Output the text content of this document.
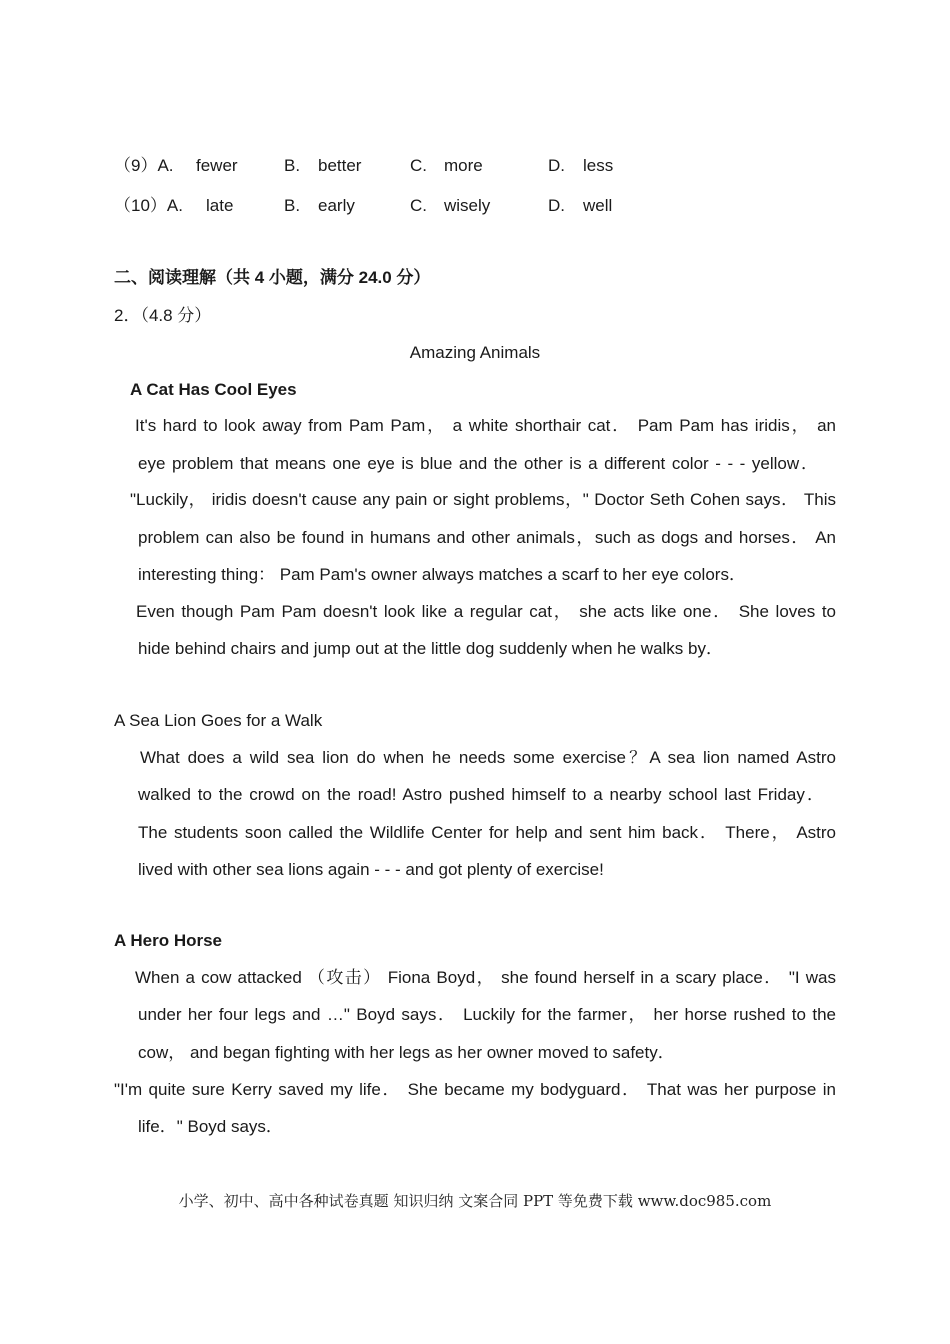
（9）A. fewer	B. better	C. more	D. less
（10）A. late	B. early	C. wisely	D. well
二、阅读理解（共 4 小题，满分 24.0 分）
2．（4.8 分）
Amazing Animals
A Cat Has Cool Eyes
It's hard to look away from Pam Pam， a white shorthair cat． Pam Pam has iridis， an
eye problem that means one eye is blue and the other is a different color - - - yellow．
"Luckily， iridis doesn't cause any pain or sight problems，" Doctor Seth Cohen says． This
problem can also be found in humans and other animals，such as dogs and horses． An
interesting thing： Pam Pam's owner always matches a scarf to her eye colors．
Even though Pam Pam doesn't look like a regular cat， she acts like one． She loves to
hide behind chairs and jump out at the little dog suddenly when he walks by．
A Sea Lion Goes for a Walk
What does a wild sea lion do when he needs some exercise？A sea lion named Astro
walked to the crowd on the road! Astro pushed himself to a nearby school last Friday．
The students soon called the Wildlife Center for help and sent him back． There， Astro
lived with other sea lions again - - - and got plenty of exercise!
A Hero Horse
When a cow attacked （攻击） Fiona Boyd， she found herself in a scary place． "I was
under her four legs and …" Boyd says． Luckily for the farmer， her horse rushed to the
cow， and began fighting with her legs as her owner moved to safety．
"I'm quite sure Kerry saved my life． She became my bodyguard． That was her purpose in
life．" Boyd says．
小学、初中、高中各种试卷真题 知识归纳 文案合同 PPT 等免费下载 www.doc985.com
